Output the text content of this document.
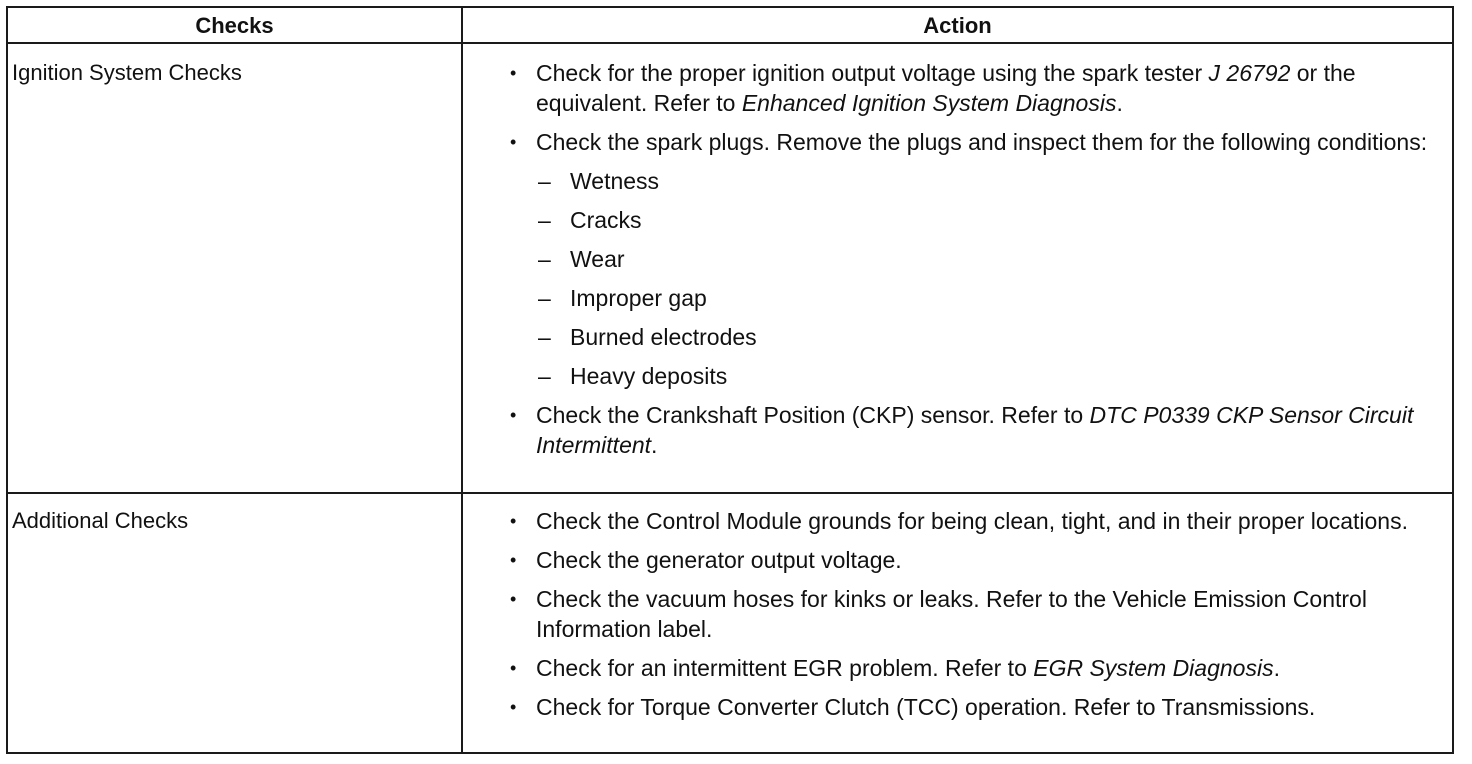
Checks	Action
Ignition System Checks	• Check for the proper ignition output voltage using the spark tester J 26792 or the equivalent. Refer to Enhanced Ignition System Diagnosis.
• Check the spark plugs. Remove the plugs and inspect them for the following conditions:
– Wetness
– Cracks
– Wear
– Improper gap
– Burned electrodes
– Heavy deposits
• Check the Crankshaft Position (CKP) sensor. Refer to DTC P0339 CKP Sensor Circuit Intermittent.
Additional Checks	• Check the Control Module grounds for being clean, tight, and in their proper locations.
• Check the generator output voltage.
• Check the vacuum hoses for kinks or leaks. Refer to the Vehicle Emission Control Information label.
• Check for an intermittent EGR problem. Refer to EGR System Diagnosis.
• Check for Torque Converter Clutch (TCC) operation. Refer to Transmissions.
